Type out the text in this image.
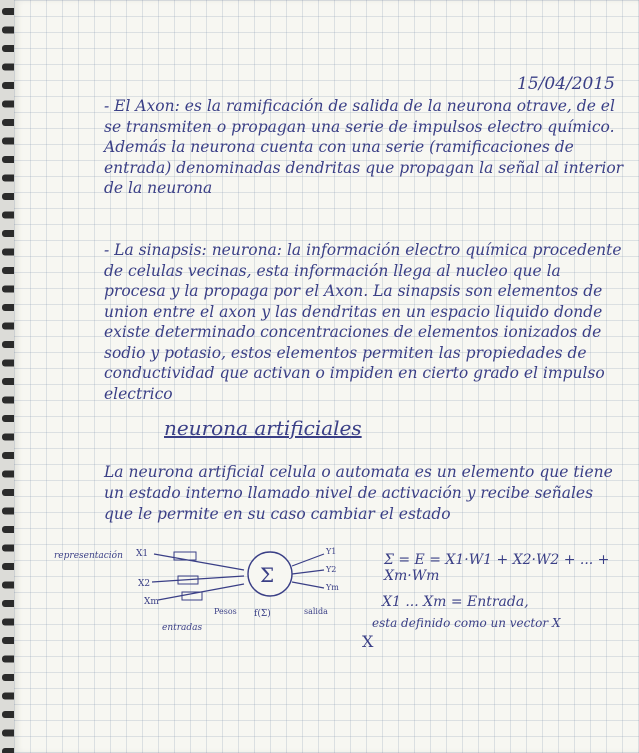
15/04/2015
- El Axon: es la ramificación de salida de la neurona otrave, de el se transmiten o propagan una serie de impulsos electro químico. Además la neurona cuenta con una serie (ramificaciones de entrada) denominadas dendritas que propagan la señal al interior de la neurona
- La sinapsis: neurona: la información electro química procedente de celulas vecinas, esta información llega al nucleo que la procesa y la propaga por el Axon. La sinapsis son elementos de union entre el axon y las dendritas en un espacio liquido donde existe determinado concentraciones de elementos ionizados de sodio y potasio, estos elementos permiten las propiedades de conductividad que activan o impiden en cierto grado el impulso electrico
neurona artificiales
La neurona artificial celula o automata es un elemento que tiene un estado interno llamado nivel de activación y recibe señales que le permite en su caso cambiar el estado
representación X1
X2
Xm
Pesos
entradas
Σ
f(Σ)
Y1
Y2
Ym
salida
Σ = E = X1·W1 + X2·W2 + ... + Xm·Wm
X1 ... Xm = Entrada,
esta definido como un vector X
X
